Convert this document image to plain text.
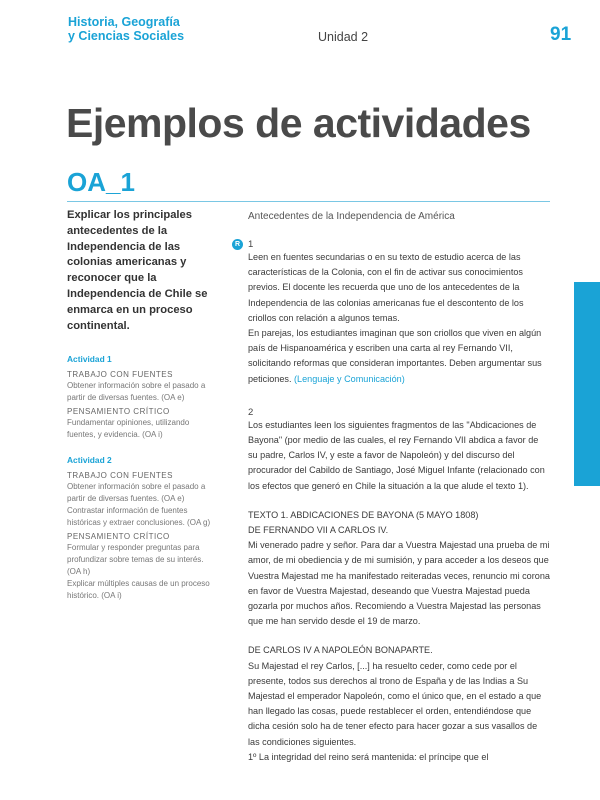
Historia, Geografía
y Ciencias Sociales	Unidad 2	91
Ejemplos de actividades
OA_1

Explicar los principales antecedentes de la Independencia de las colonias americanas y reconocer que la Independencia de Chile se enmarca en un proceso continental.

Actividad 1

TRABAJO CON FUENTES

Obtener información sobre el pasado a partir de diversas fuentes. (OA e)

PENSAMIENTO CRÍTICO

Fundamentar opiniones, utilizando fuentes, y evidencia. (OA i)

Actividad 2

TRABAJO CON FUENTES

Obtener información sobre el pasado a partir de diversas fuentes. (OA e)

Contrastar información de fuentes históricas y extraer conclusiones. (OA g)

PENSAMIENTO CRÍTICO

Formular y responder preguntas para profundizar sobre temas de su interés. (OA h)

Explicar múltiples causas de un proceso histórico. (OA i)

Antecedentes de la Independencia de América

R 1

Leen en fuentes secundarias o en su texto de estudio acerca de las características de la Colonia, con el fin de activar sus conocimientos previos. El docente les recuerda que uno de los antecedentes de la Independencia de las colonias americanas fue el descontento de los criollos con relación a algunos temas.

En parejas, los estudiantes imaginan que son criollos que viven en algún país de Hispanoamérica y escriben una carta al rey Fernando VII, solicitando reformas que consideran importantes. Deben argumentar sus peticiones. (Lenguaje y Comunicación)

2

Los estudiantes leen los siguientes fragmentos de las "Abdicaciones de Bayona" (por medio de las cuales, el rey Fernando VII abdica a favor de su padre, Carlos IV, y este a favor de Napoleón) y del discurso del procurador del Cabildo de Santiago, José Miguel Infante (relacionado con los efectos que generó en Chile la situación a la que alude el texto 1).

TEXTO 1. ABDICACIONES DE BAYONA (5 MAYO 1808)

DE FERNANDO VII A CARLOS IV.

Mi venerado padre y señor. Para dar a Vuestra Majestad una prueba de mi amor, de mi obediencia y de mi sumisión, y para acceder a los deseos que Vuestra Majestad me ha manifestado reiteradas veces, renuncio mi corona en favor de Vuestra Majestad, deseando que Vuestra Majestad pueda gozarla por muchos años. Recomiendo a Vuestra Majestad las personas que me han servido desde el 19 de marzo.

DE CARLOS IV A NAPOLEÓN BONAPARTE.

Su Majestad el rey Carlos, [...] ha resuelto ceder, como cede por el presente, todos sus derechos al trono de España y de las Indias a Su Majestad el emperador Napoleón, como el único que, en el estado a que han llegado las cosas, puede restablecer el orden, entendiéndose que dicha cesión solo ha de tener efecto para hacer gozar a sus vasallos de las condiciones siguientes.

1º La integridad del reino será mantenida: el príncipe que el
